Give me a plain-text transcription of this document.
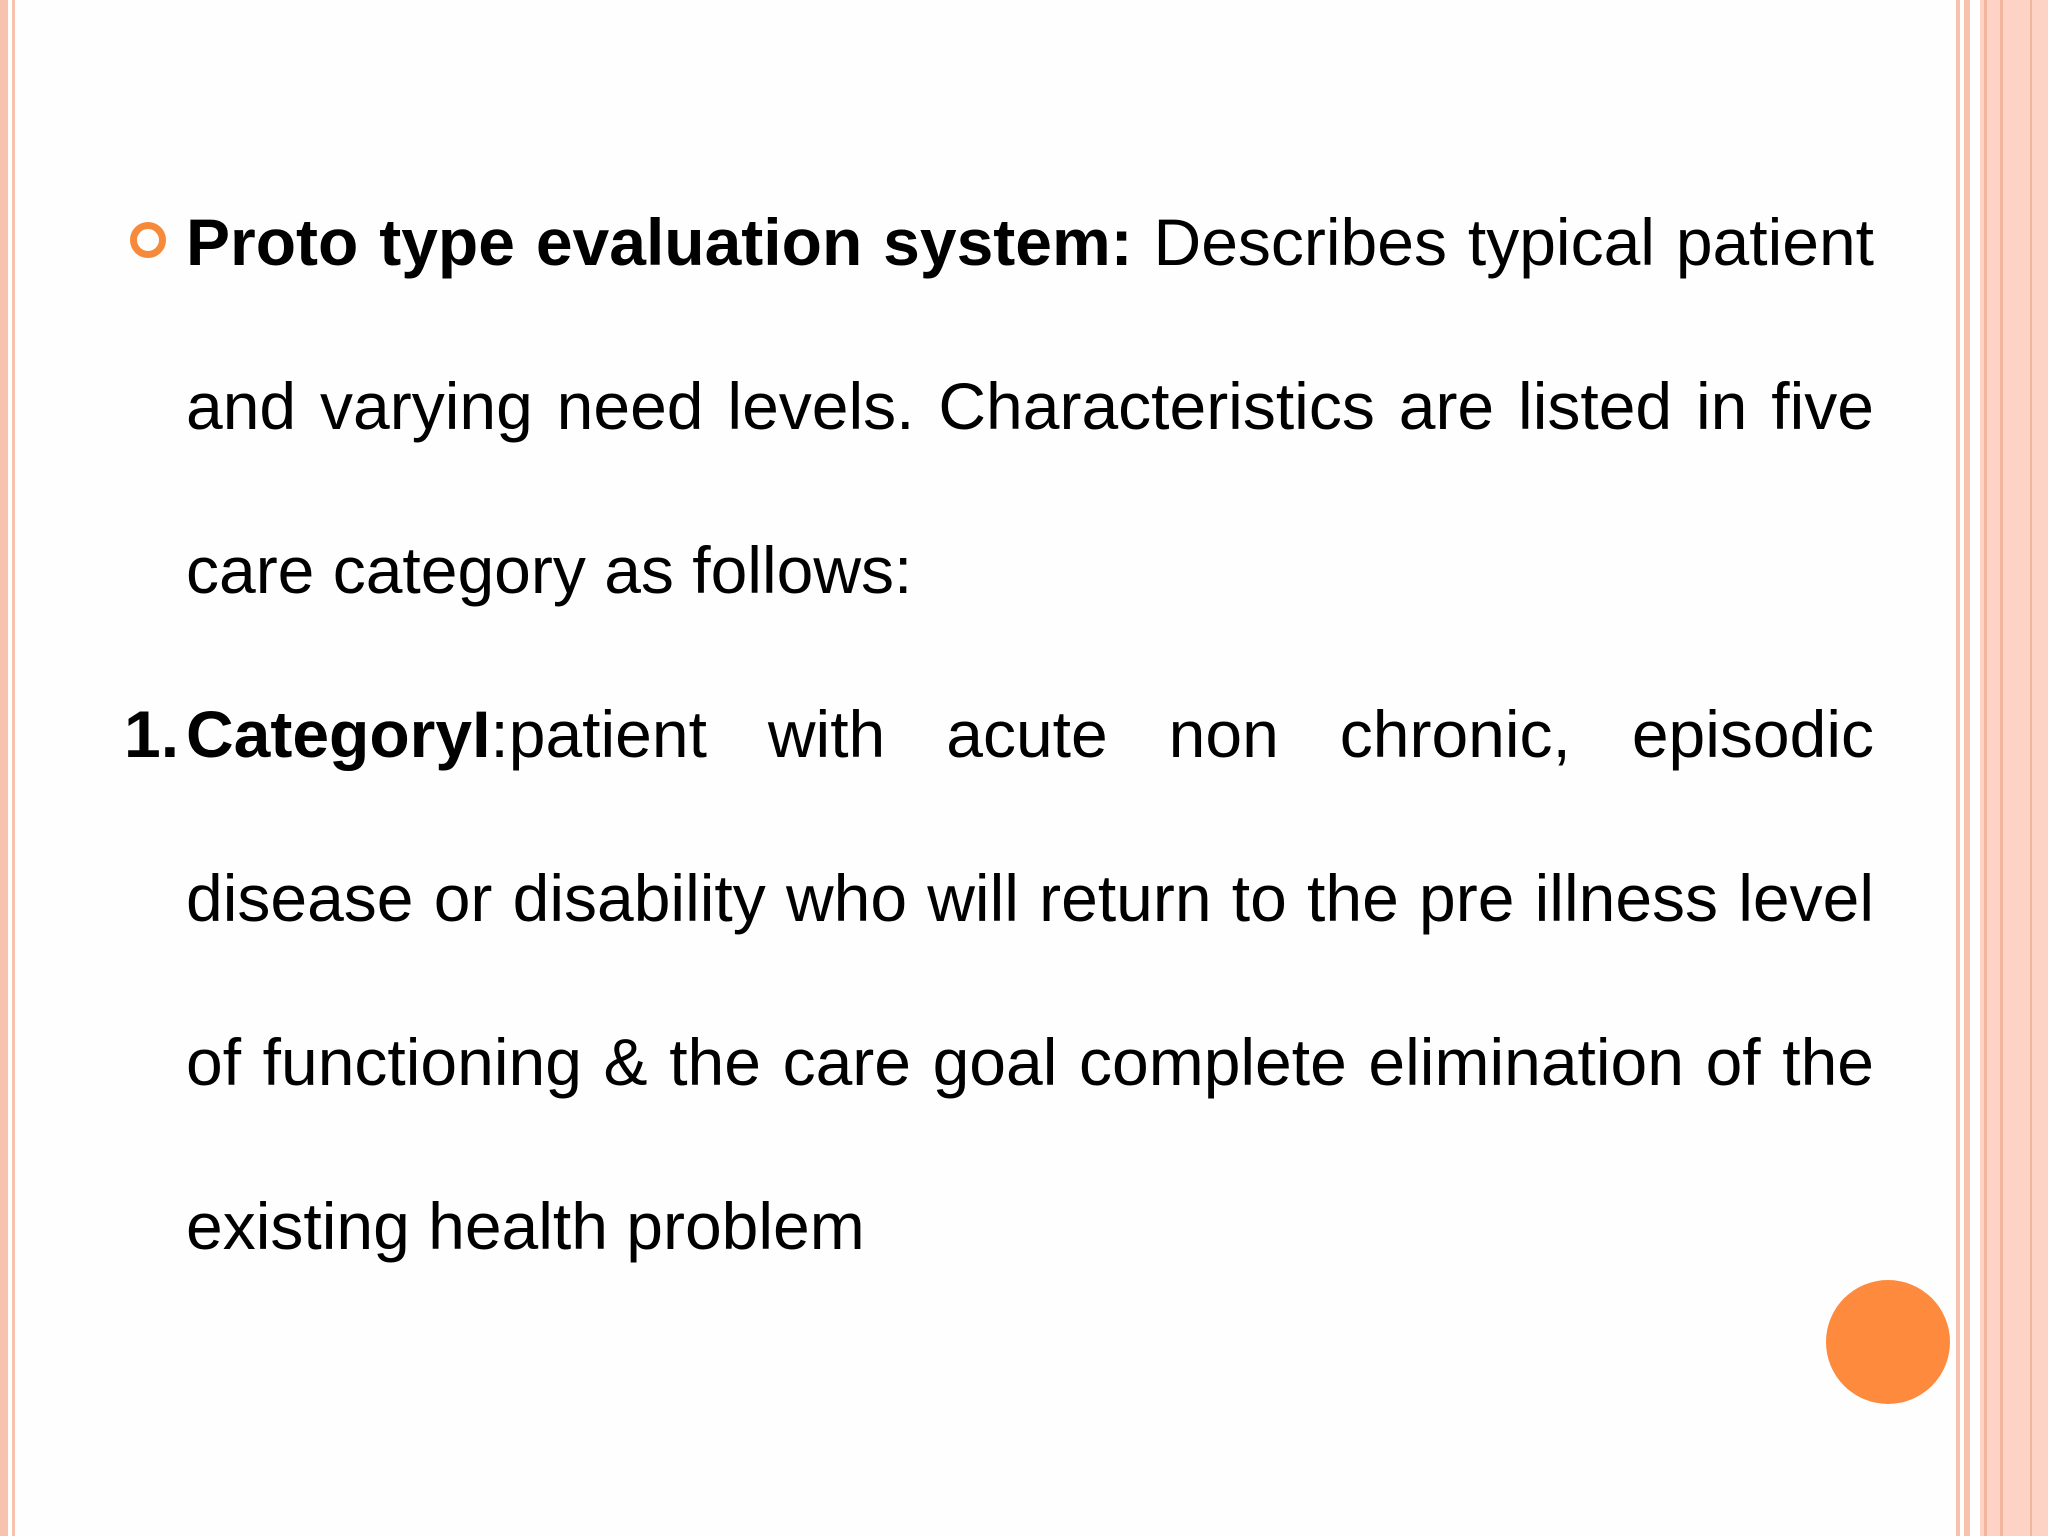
Proto type evaluation system: Describes typical patient and varying need levels. Characteristics are listed in five care category as follows:

1. CategoryI:patient with acute non chronic, episodic disease or disability who will return to the pre illness level of functioning & the care goal complete elimination of the existing health problem
